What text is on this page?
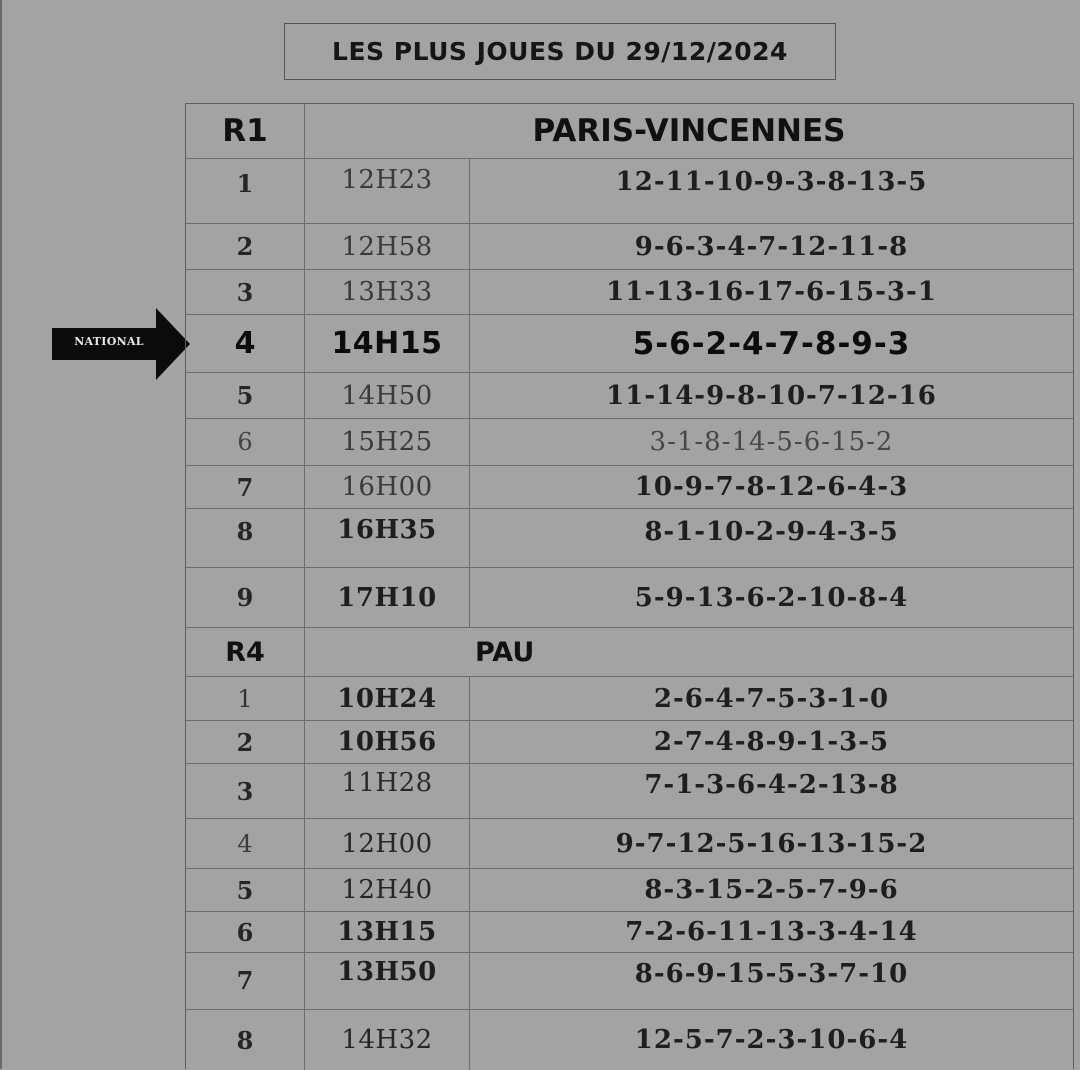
LES PLUS JOUES DU 29/12/2024
NATIONAL
R1	PARIS-VINCENNES
1	12H23	12-11-10-9-3-8-13-5
2	12H58	9-6-3-4-7-12-11-8
3	13H33	11-13-16-17-6-15-3-1
4	14H15	5-6-2-4-7-8-9-3
5	14H50	11-14-9-8-10-7-12-16
6	15H25	3-1-8-14-5-6-15-2
7	16H00	10-9-7-8-12-6-4-3
8	16H35	8-1-10-2-9-4-3-5
9	17H10	5-9-13-6-2-10-8-4
R4	PAU
1	10H24	2-6-4-7-5-3-1-0
2	10H56	2-7-4-8-9-1-3-5
3	11H28	7-1-3-6-4-2-13-8
4	12H00	9-7-12-5-16-13-15-2
5	12H40	8-3-15-2-5-7-9-6
6	13H15	7-2-6-11-13-3-4-14
7	13H50	8-6-9-15-5-3-7-10
8	14H32	12-5-7-2-3-10-6-4
